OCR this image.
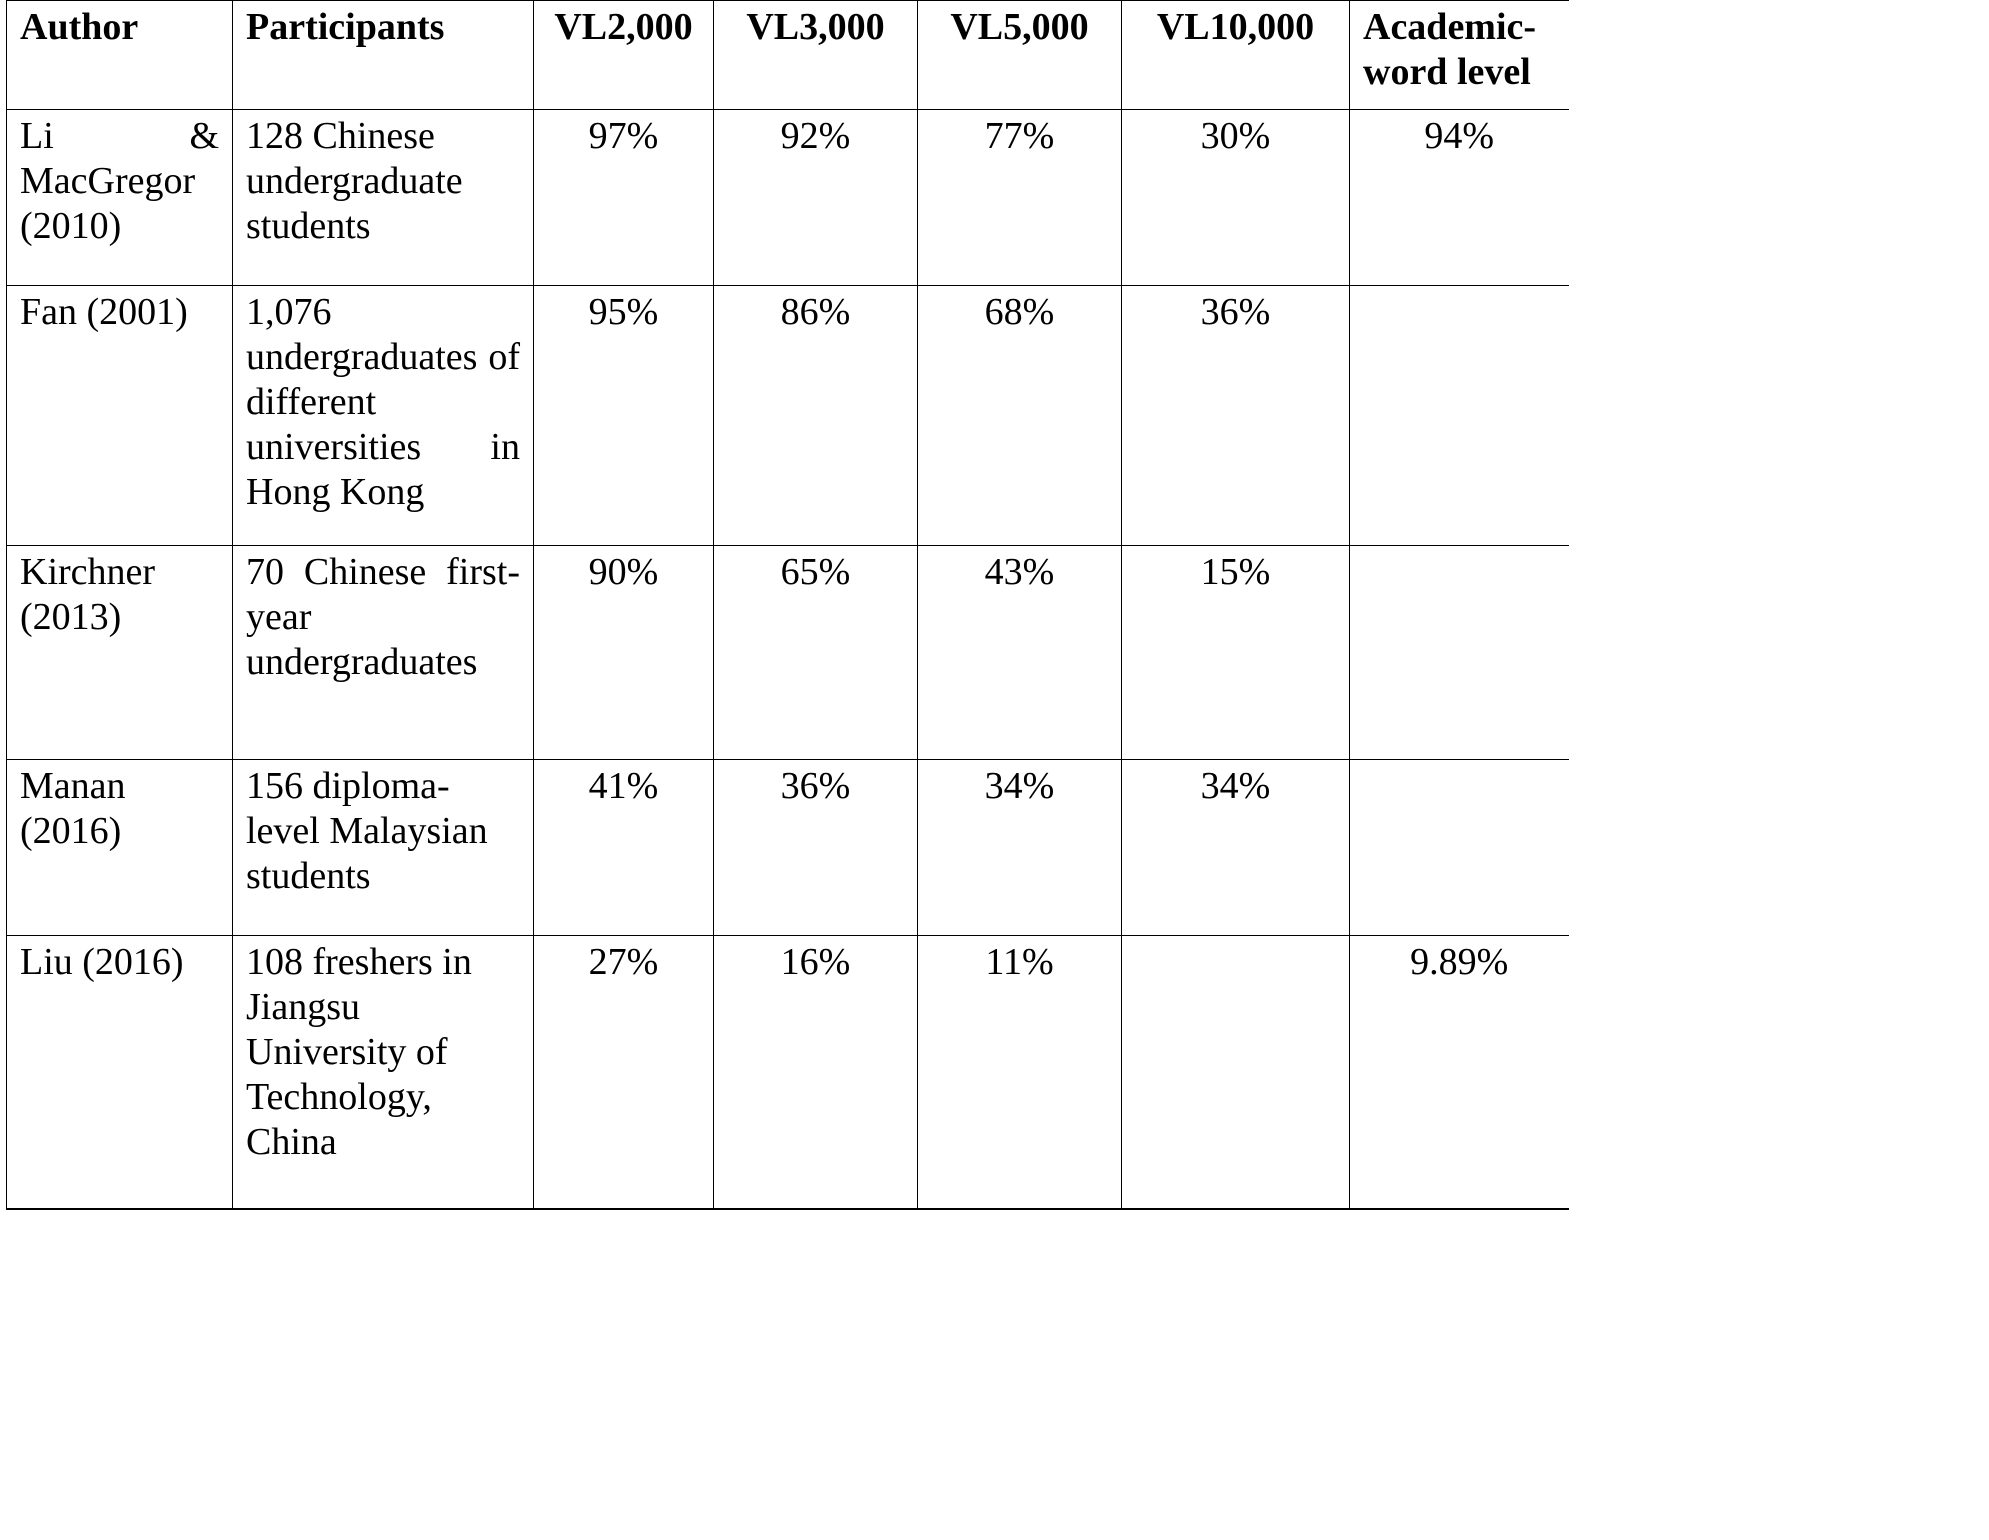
Author	Participants	VL2,000	VL3,000	VL5,000	VL10,000	Academic-word level
Li & MacGregor (2010)	128 Chinese undergraduate students	97%	92%	77%	30%	94%
Fan (2001)	1,076 undergraduates of different universities in Hong Kong	95%	86%	68%	36%	
Kirchner (2013)	70 Chinese first-year undergraduates	90%	65%	43%	15%	
Manan (2016)	156 diploma-level Malaysian students	41%	36%	34%	34%	
Liu (2016)	108 freshers in Jiangsu University of Technology, China	27%	16%	11%		9.89%
